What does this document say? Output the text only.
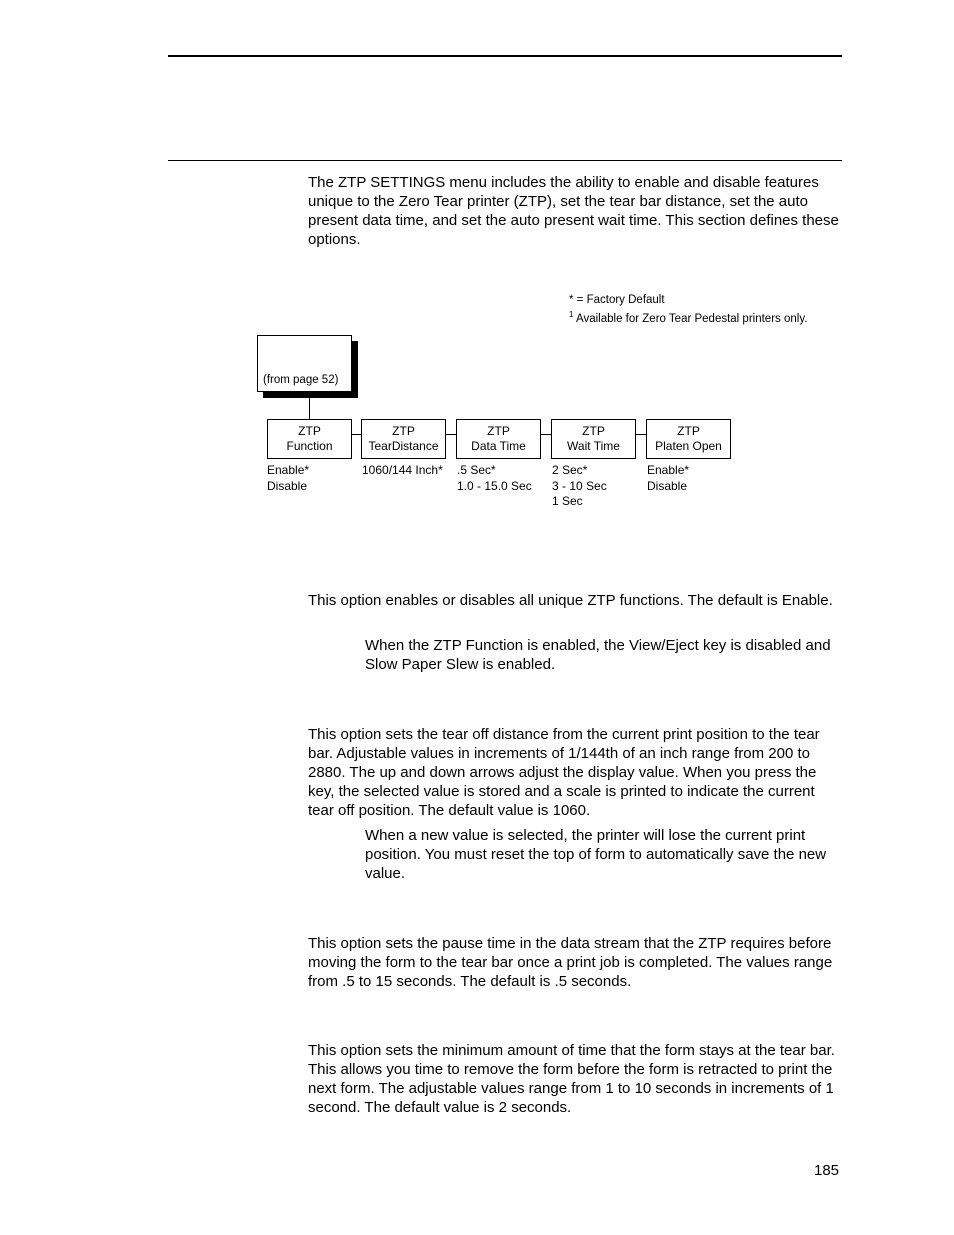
The ZTP SETTINGS menu includes the ability to enable and disable features unique to the Zero Tear printer (ZTP), set the tear bar distance, set the auto present data time, and set the auto present wait time. This section defines these options.

* = Factory Default
$^1$ Available for Zero Tear Pedestal printers only.
(from page 52)
ZTP
Function
ZTP
TearDistance
ZTP
Data Time
ZTP
Wait Time
ZTP
Platen Open
Enable*
Disable
1060/144 Inch* .5 Sec*
1.0 - 15.0 Sec
2 Sec*
3 - 10 Sec
1 Sec
Enable*
Disable

This option enables or disables all unique ZTP functions. The default is Enable.

When the ZTP Function is enabled, the View/Eject key is disabled and Slow Paper Slew is enabled.

This option sets the tear off distance from the current print position to the tear bar. Adjustable values in increments of 1/144th of an inch range from 200 to 2880. The up and down arrows adjust the display value. When you press the key, the selected value is stored and a scale is printed to indicate the current tear off position. The default value is 1060.

When a new value is selected, the printer will lose the current print position. You must reset the top of form to automatically save the new value.

This option sets the pause time in the data stream that the ZTP requires before moving the form to the tear bar once a print job is completed. The values range from .5 to 15 seconds. The default is .5 seconds.

This option sets the minimum amount of time that the form stays at the tear bar. This allows you time to remove the form before the form is retracted to print the next form. The adjustable values range from 1 to 10 seconds in increments of 1 second. The default value is 2 seconds.

185
